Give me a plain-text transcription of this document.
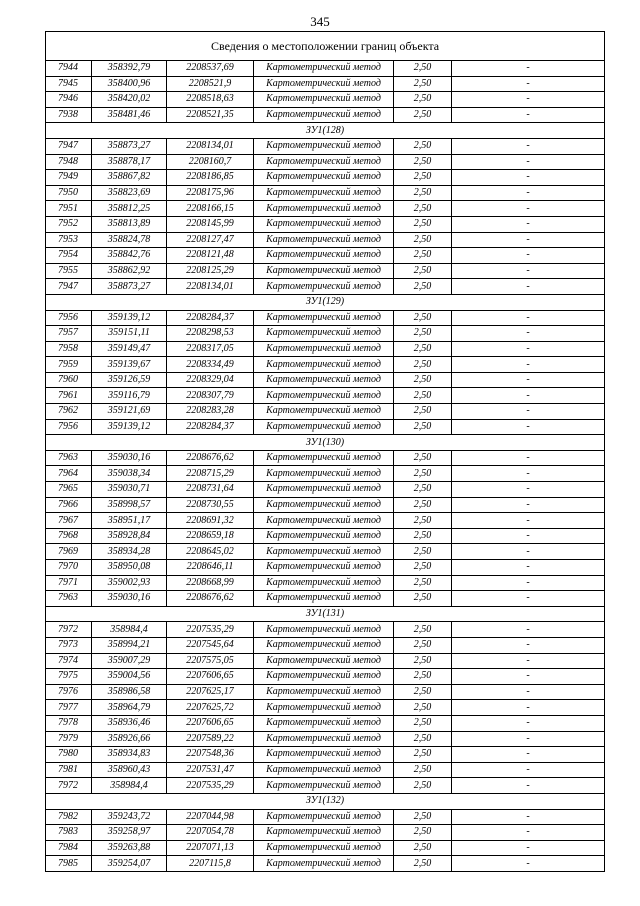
345
Сведения о местоположении границ объекта					
7944	358392,79	2208537,69	Картометрический метод	2,50	-
7945	358400,96	2208521,9	Картометрический метод	2,50	-
7946	358420,02	2208518,63	Картометрический метод	2,50	-
7938	358481,46	2208521,35	Картометрический метод	2,50	-
ЗУ1(128)					
7947	358873,27	2208134,01	Картометрический метод	2,50	-
7948	358878,17	2208160,7	Картометрический метод	2,50	-
7949	358867,82	2208186,85	Картометрический метод	2,50	-
7950	358823,69	2208175,96	Картометрический метод	2,50	-
7951	358812,25	2208166,15	Картометрический метод	2,50	-
7952	358813,89	2208145,99	Картометрический метод	2,50	-
7953	358824,78	2208127,47	Картометрический метод	2,50	-
7954	358842,76	2208121,48	Картометрический метод	2,50	-
7955	358862,92	2208125,29	Картометрический метод	2,50	-
7947	358873,27	2208134,01	Картометрический метод	2,50	-
ЗУ1(129)					
7956	359139,12	2208284,37	Картометрический метод	2,50	-
7957	359151,11	2208298,53	Картометрический метод	2,50	-
7958	359149,47	2208317,05	Картометрический метод	2,50	-
7959	359139,67	2208334,49	Картометрический метод	2,50	-
7960	359126,59	2208329,04	Картометрический метод	2,50	-
7961	359116,79	2208307,79	Картометрический метод	2,50	-
7962	359121,69	2208283,28	Картометрический метод	2,50	-
7956	359139,12	2208284,37	Картометрический метод	2,50	-
ЗУ1(130)					
7963	359030,16	2208676,62	Картометрический метод	2,50	-
7964	359038,34	2208715,29	Картометрический метод	2,50	-
7965	359030,71	2208731,64	Картометрический метод	2,50	-
7966	358998,57	2208730,55	Картометрический метод	2,50	-
7967	358951,17	2208691,32	Картометрический метод	2,50	-
7968	358928,84	2208659,18	Картометрический метод	2,50	-
7969	358934,28	2208645,02	Картометрический метод	2,50	-
7970	358950,08	2208646,11	Картометрический метод	2,50	-
7971	359002,93	2208668,99	Картометрический метод	2,50	-
7963	359030,16	2208676,62	Картометрический метод	2,50	-
ЗУ1(131)					
7972	358984,4	2207535,29	Картометрический метод	2,50	-
7973	358994,21	2207545,64	Картометрический метод	2,50	-
7974	359007,29	2207575,05	Картометрический метод	2,50	-
7975	359004,56	2207606,65	Картометрический метод	2,50	-
7976	358986,58	2207625,17	Картометрический метод	2,50	-
7977	358964,79	2207625,72	Картометрический метод	2,50	-
7978	358936,46	2207606,65	Картометрический метод	2,50	-
7979	358926,66	2207589,22	Картометрический метод	2,50	-
7980	358934,83	2207548,36	Картометрический метод	2,50	-
7981	358960,43	2207531,47	Картометрический метод	2,50	-
7972	358984,4	2207535,29	Картометрический метод	2,50	-
ЗУ1(132)					
7982	359243,72	2207044,98	Картометрический метод	2,50	-
7983	359258,97	2207054,78	Картометрический метод	2,50	-
7984	359263,88	2207071,13	Картометрический метод	2,50	-
7985	359254,07	2207115,8	Картометрический метод	2,50	-
